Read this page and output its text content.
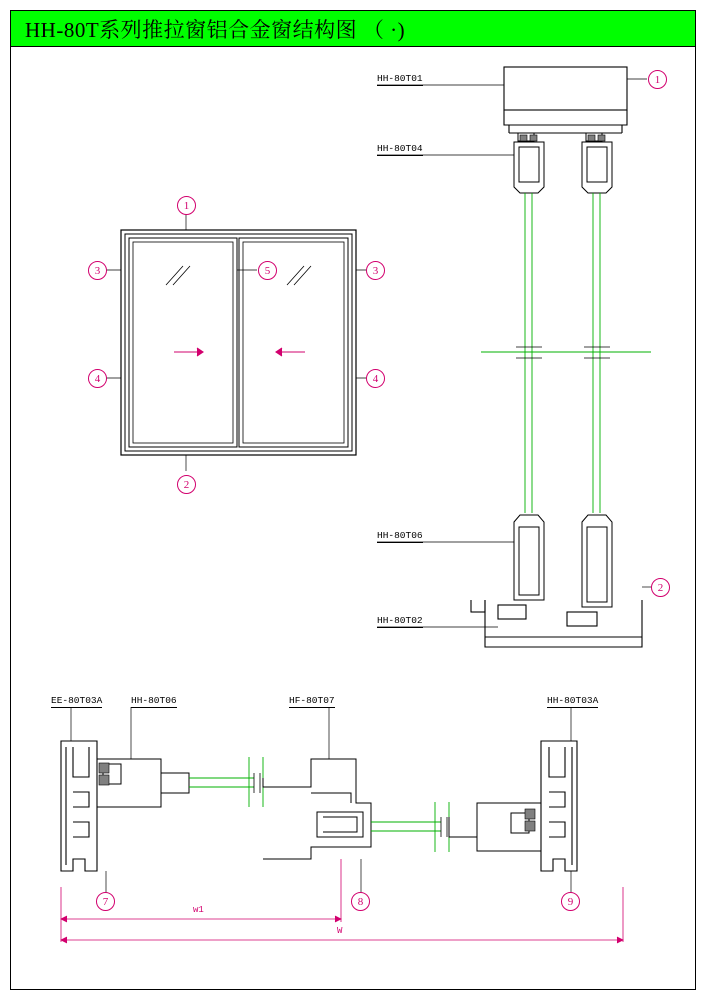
HH-80T系列推拉窗铝合金窗结构图 （ ·)
1
3	5	3
4	4
2
HH-80T01
HH-80T04
HH-80T06
HH-80T02
1
2
EE-80T03A	HH-80T06	HF-80T07	HH-80T03A
7	8	9
w1
W
